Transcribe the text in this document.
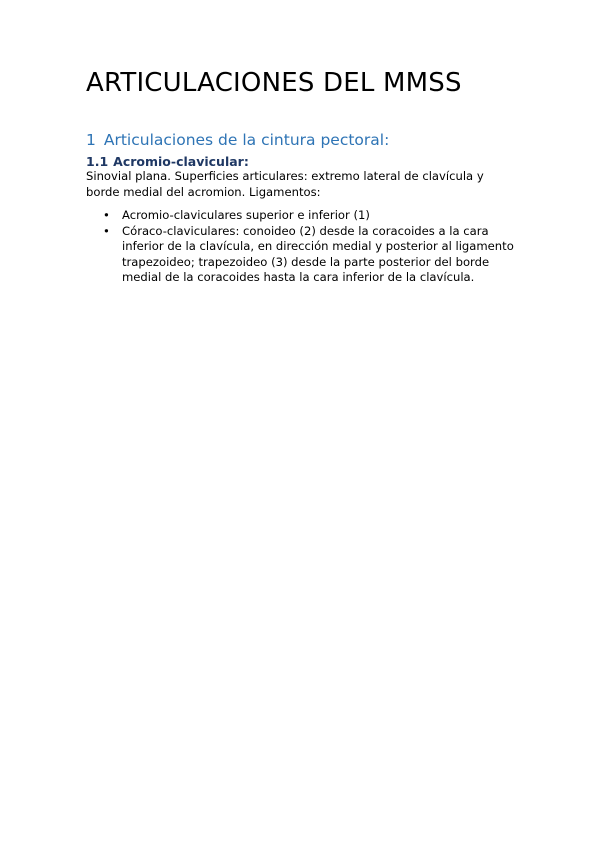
ARTICULACIONES DEL MMSS
1 Articulaciones de la cintura pectoral:
1.1 Acromio-clavicular:

Sinovial plana. Superficies articulares: extremo lateral de clavícula y borde medial del acromion. Ligamentos:

• Acromio-claviculares superior e inferior (1)
• Córaco-claviculares: conoideo (2) desde la coracoides a la cara inferior de la clavícula, en dirección medial y posterior al ligamento trapezoideo; trapezoideo (3) desde la parte posterior del borde medial de la coracoides hasta la cara inferior de la clavícula.
